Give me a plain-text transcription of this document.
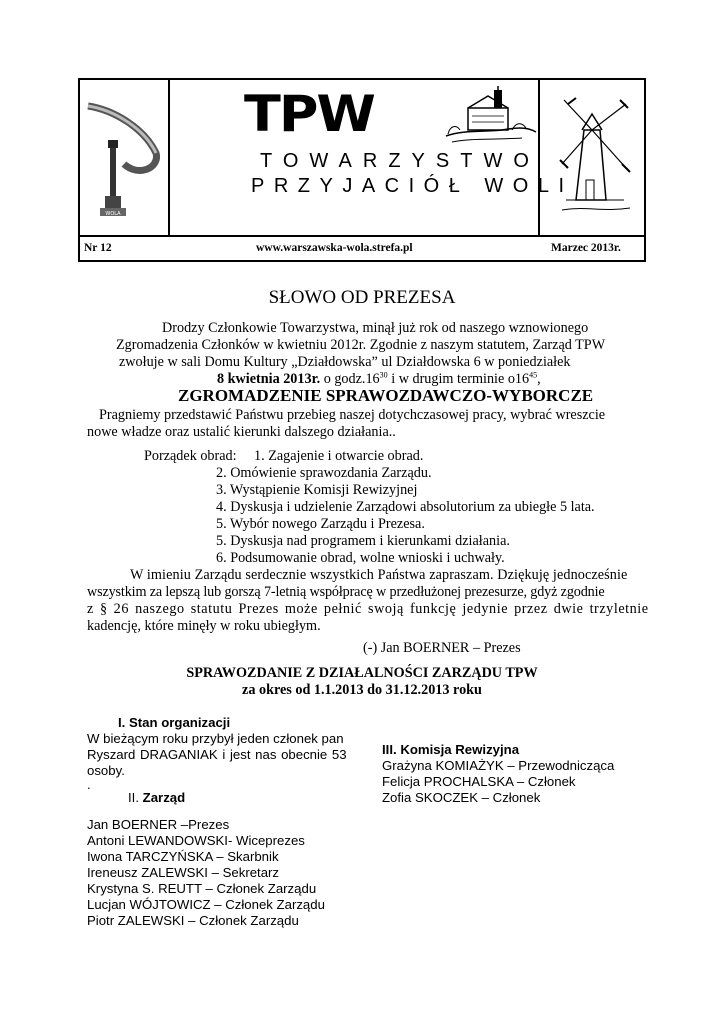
WOLA
TPW
TOWARZYSTWO
PRZYJACIÓŁ WOLI
Nr 12	www.warszawska-wola.strefa.pl	Marzec 2013r.
SŁOWO OD PREZESA
Drodzy Członkowie Towarzystwa, minął już rok od naszego wznowionego
Zgromadzenia Członków w kwietniu 2012r. Zgodnie z naszym statutem, Zarząd TPW
zwołuje w sali Domu Kultury „Działdowska” ul Działdowska 6 w poniedziałek
8 kwietnia 2013r. o $godz.16^{30}$ i w drugim terminie $o16^{45}$,
ZGROMADZENIE SPRAWOZDAWCZO-WYBORCZE
Pragniemy przedstawić Państwu przebieg naszej dotychczasowej pracy, wybrać wreszcie
nowe władze oraz ustalić kierunki dalszego działania..
Porządek obrad: 1. Zagajenie i otwarcie obrad.
2. Omówienie sprawozdania Zarządu.
3. Wystąpienie Komisji Rewizyjnej
4. Dyskusja i udzielenie Zarządowi absolutorium za ubiegłe 5 lata.
5. Wybór nowego Zarządu i Prezesa.
5. Dyskusja nad programem i kierunkami działania.
6. Podsumowanie obrad, wolne wnioski i uchwały.
W imieniu Zarządu serdecznie wszystkich Państwa zapraszam. Dziękuję jednocześnie
wszystkim za lepszą lub gorszą 7-letnią współpracę w przedłużonej prezesurze, gdyż zgodnie
z § 26 naszego statutu Prezes może pełnić swoją funkcję jedynie przez dwie trzyletnie
kadencję, które minęły w roku ubiegłym.
(-) Jan BOERNER – Prezes
SPRAWOZDANIE Z DZIAŁALNOŚCI ZARZĄDU TPW
za okres od 1.1.2013 do 31.12.2013 roku
I. Stan organizacji
W bieżącym roku przybył jeden członek pan
Ryszard DRAGANIAK i jest nas obecnie 53
osoby.
.
II. Zarząd
Jan BOERNER –Prezes
Antoni LEWANDOWSKI- Wiceprezes
Iwona TARCZYŃSKA – Skarbnik
Ireneusz ZALEWSKI – Sekretarz
Krystyna S. REUTT – Członek Zarządu
Lucjan WÓJTOWICZ – Członek Zarządu
Piotr ZALEWSKI – Członek Zarządu
III. Komisja Rewizyjna
Grażyna KOMIAŻYK – Przewodnicząca
Felicja PROCHALSKA – Członek
Zofia SKOCZEK – Członek
